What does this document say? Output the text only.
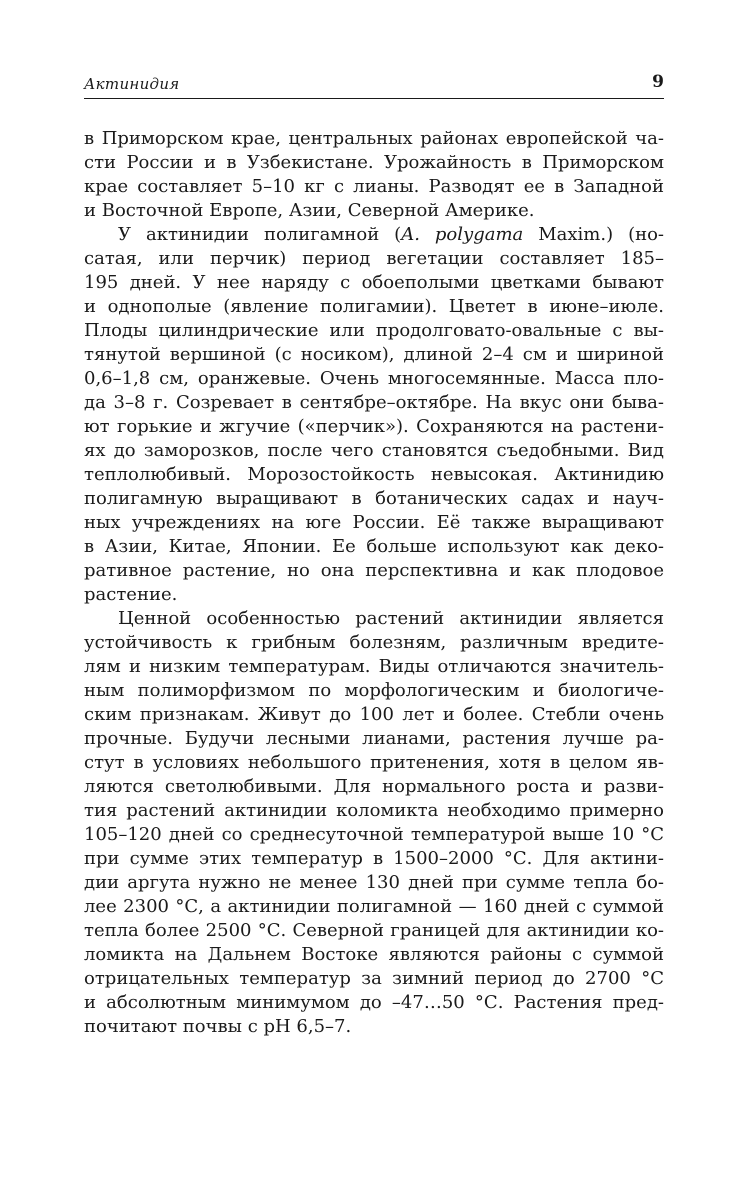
Актинидия	9
в Приморском крае, центральных районах европейской ча-
сти России и в Узбекистане. Урожайность в Приморском
крае составляет 5–10 кг с лианы. Разводят ее в Западной
и Восточной Европе, Азии, Северной Америке.
У актинидии полигамной (A. polygama Maxim.) (но-
сатая, или перчик) период вегетации составляет 185–
195 дней. У нее наряду с обоеполыми цветками бывают
и однополые (явление полигамии). Цветет в июне–июле.
Плоды цилиндрические или продолговато-овальные с вы-
тянутой вершиной (с носиком), длиной 2–4 см и шириной
0,6–1,8 см, оранжевые. Очень многосемянные. Масса пло-
да 3–8 г. Созревает в сентябре–октябре. На вкус они быва-
ют горькие и жгучие («перчик»). Сохраняются на растени-
ях до заморозков, после чего становятся съедобными. Вид
теплолюбивый. Морозостойкость невысокая. Актинидию
полигамную выращивают в ботанических садах и науч-
ных учреждениях на юге России. Её также выращивают
в Азии, Китае, Японии. Ее больше используют как деко-
ративное растение, но она перспективна и как плодовое
растение.
Ценной особенностью растений актинидии является
устойчивость к грибным болезням, различным вредите-
лям и низким температурам. Виды отличаются значитель-
ным полиморфизмом по морфологическим и биологиче-
ским признакам. Живут до 100 лет и более. Стебли очень
прочные. Будучи лесными лианами, растения лучше ра-
стут в условиях небольшого притенения, хотя в целом яв-
ляются светолюбивыми. Для нормального роста и разви-
тия растений актинидии коломикта необходимо примерно
105–120 дней со среднесуточной температурой выше 10 °С
при сумме этих температур в 1500–2000 °С. Для актини-
дии аргута нужно не менее 130 дней при сумме тепла бо-
лее 2300 °С, а актинидии полигамной — 160 дней с суммой
тепла более 2500 °С. Северной границей для актинидии ко-
ломикта на Дальнем Востоке являются районы с суммой
отрицательных температур за зимний период до 2700 °С
и абсолютным минимумом до –47…50 °С. Растения пред-
почитают почвы с pH 6,5–7.
